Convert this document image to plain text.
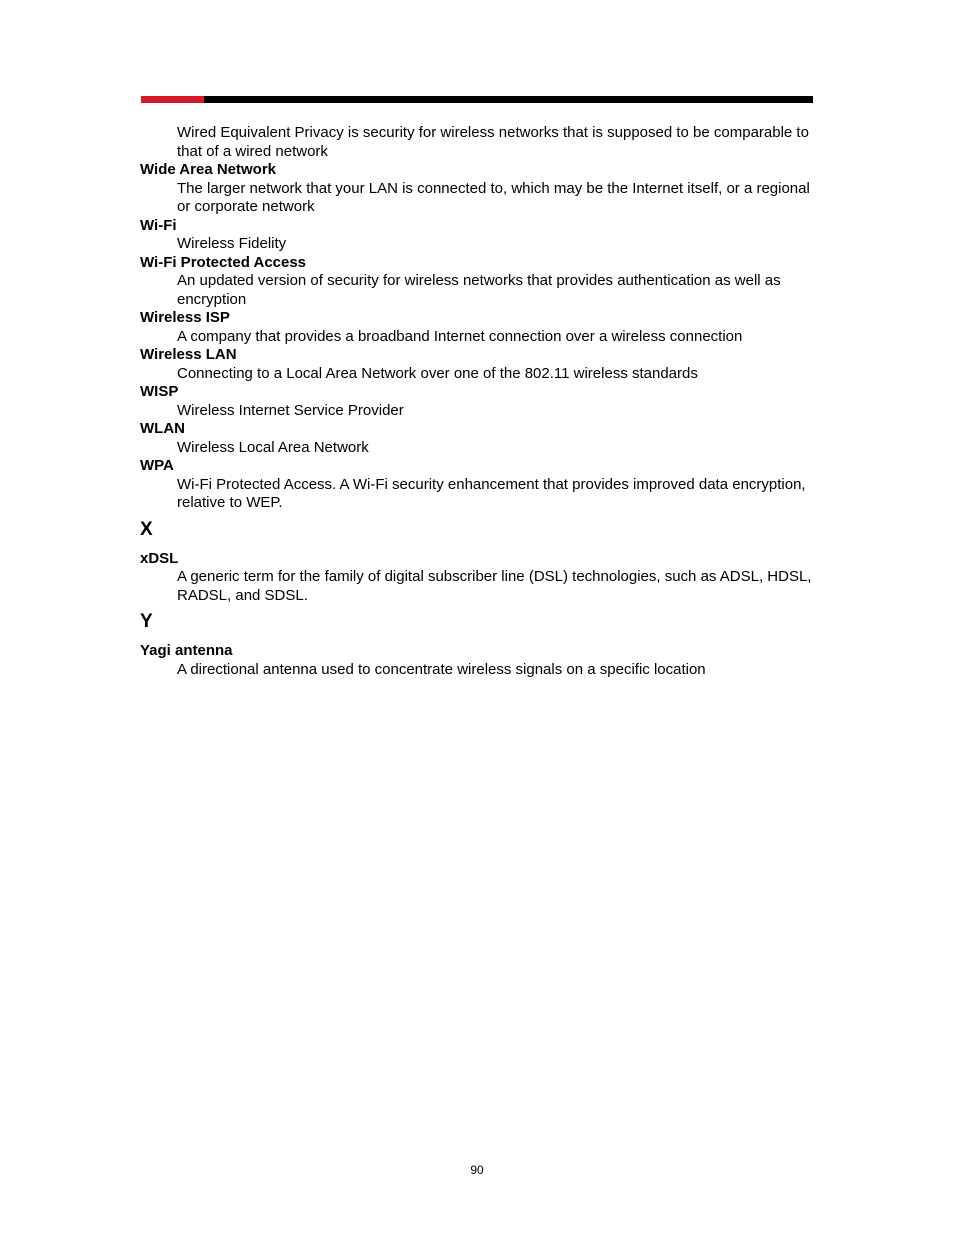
Wired Equivalent Privacy is security for wireless networks that is supposed to be comparable to that of a wired network

Wide Area Network

The larger network that your LAN is connected to, which may be the Internet itself, or a regional or corporate network

Wi-Fi

Wireless Fidelity

Wi-Fi Protected Access

An updated version of security for wireless networks that provides authentication as well as encryption

Wireless ISP

A company that provides a broadband Internet connection over a wireless connection

Wireless LAN

Connecting to a Local Area Network over one of the 802.11 wireless standards

WISP

Wireless Internet Service Provider

WLAN

Wireless Local Area Network

WPA

Wi-Fi Protected Access. A Wi-Fi security enhancement that provides improved data encryption, relative to WEP.

X

xDSL

A generic term for the family of digital subscriber line (DSL) technologies, such as ADSL, HDSL, RADSL, and SDSL.

Y

Yagi antenna

A directional antenna used to concentrate wireless signals on a specific location

90
